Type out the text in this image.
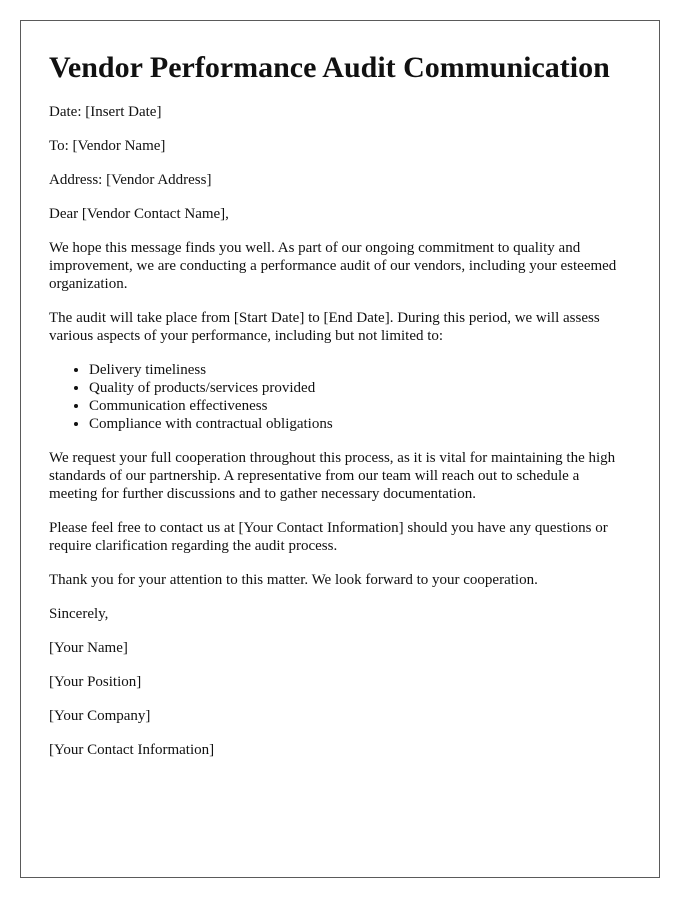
Vendor Performance Audit Communication

Date: [Insert Date]

To: [Vendor Name]

Address: [Vendor Address]

Dear [Vendor Contact Name],

We hope this message finds you well. As part of our ongoing commitment to quality and improvement, we are conducting a performance audit of our vendors, including your esteemed organization.

The audit will take place from [Start Date] to [End Date]. During this period, we will assess various aspects of your performance, including but not limited to:

• Delivery timeliness
• Quality of products/services provided
• Communication effectiveness
• Compliance with contractual obligations

We request your full cooperation throughout this process, as it is vital for maintaining the high standards of our partnership. A representative from our team will reach out to schedule a meeting for further discussions and to gather necessary documentation.

Please feel free to contact us at [Your Contact Information] should you have any questions or require clarification regarding the audit process.

Thank you for your attention to this matter. We look forward to your cooperation.

Sincerely,

[Your Name]

[Your Position]

[Your Company]

[Your Contact Information]
